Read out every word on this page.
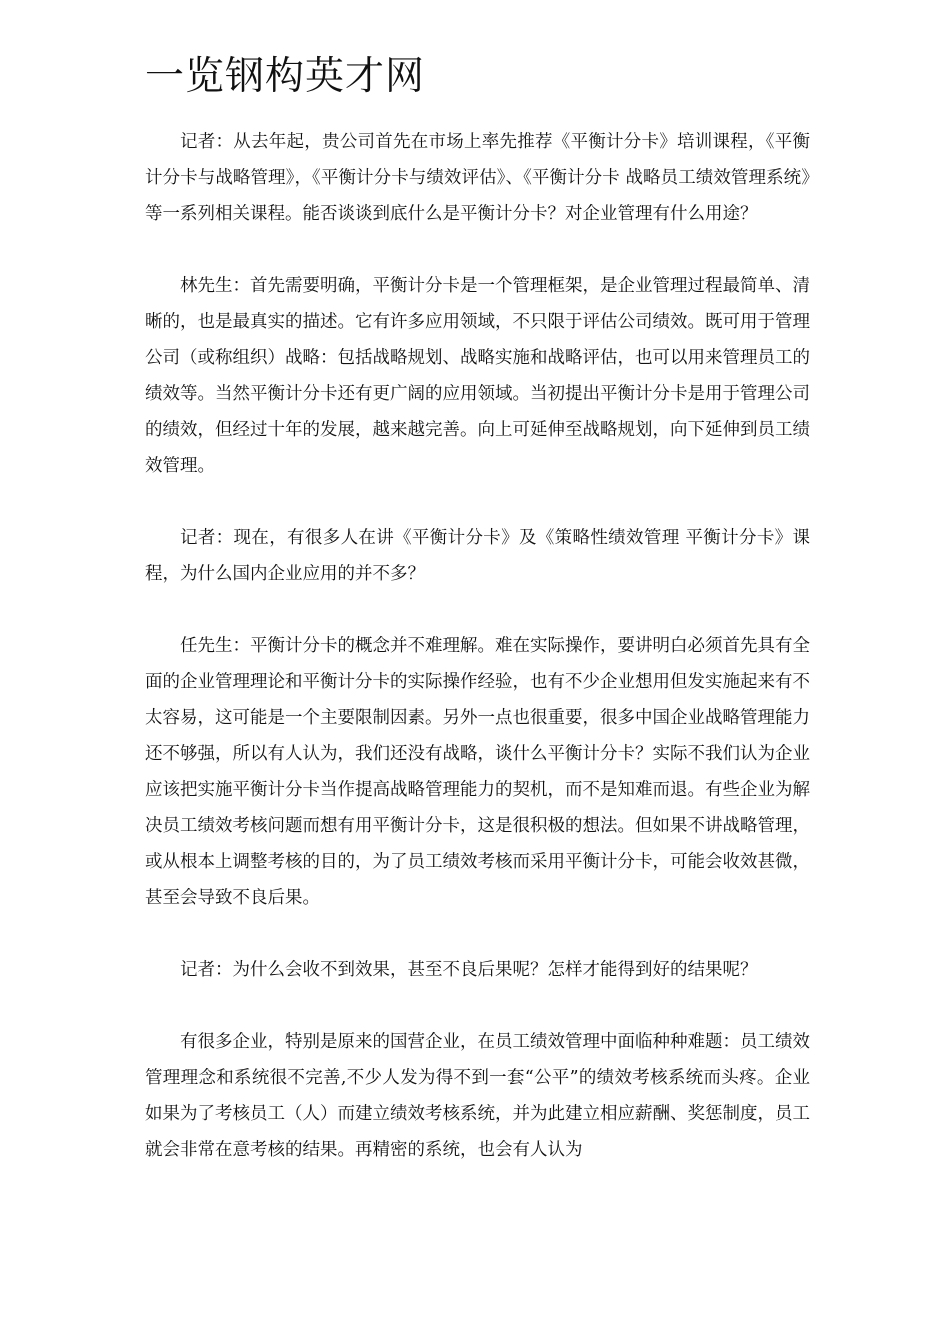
一览钢构英才网

记者：从去年起，贵公司首先在市场上率先推荐《平衡计分卡》培训课程，《平衡计分卡与战略管理》，《平衡计分卡与绩效评估》、《平衡计分卡 战略员工绩效管理系统》等一系列相关课程。能否谈谈到底什么是平衡计分卡？对企业管理有什么用途？

林先生：首先需要明确，平衡计分卡是一个管理框架，是企业管理过程最简单、清晰的，也是最真实的描述。它有许多应用领域，不只限于评估公司绩效。既可用于管理公司（或称组织）战略：包括战略规划、战略实施和战略评估，也可以用来管理员工的绩效等。当然平衡计分卡还有更广阔的应用领域。当初提出平衡计分卡是用于管理公司的绩效，但经过十年的发展，越来越完善。向上可延伸至战略规划，向下延伸到员工绩效管理。

记者：现在，有很多人在讲《平衡计分卡》及《策略性绩效管理 平衡计分卡》课程，为什么国内企业应用的并不多？

任先生：平衡计分卡的概念并不难理解。难在实际操作，要讲明白必须首先具有全面的企业管理理论和平衡计分卡的实际操作经验，也有不少企业想用但发实施起来有不太容易，这可能是一个主要限制因素。另外一点也很重要，很多中国企业战略管理能力还不够强，所以有人认为，我们还没有战略，谈什么平衡计分卡？实际不我们认为企业应该把实施平衡计分卡当作提高战略管理能力的契机，而不是知难而退。有些企业为解决员工绩效考核问题而想有用平衡计分卡，这是很积极的想法。但如果不讲战略管理，或从根本上调整考核的目的，为了员工绩效考核而采用平衡计分卡，可能会收效甚微，甚至会导致不良后果。

记者：为什么会收不到效果，甚至不良后果呢？怎样才能得到好的结果呢？

有很多企业，特别是原来的国营企业，在员工绩效管理中面临种种难题：员工绩效管理理念和系统很不完善,不少人发为得不到一套“公平”的绩效考核系统而头疼。企业如果为了考核员工（人）而建立绩效考核系统，并为此建立相应薪酬、奖惩制度，员工就会非常在意考核的结果。再精密的系统，也会有人认为
